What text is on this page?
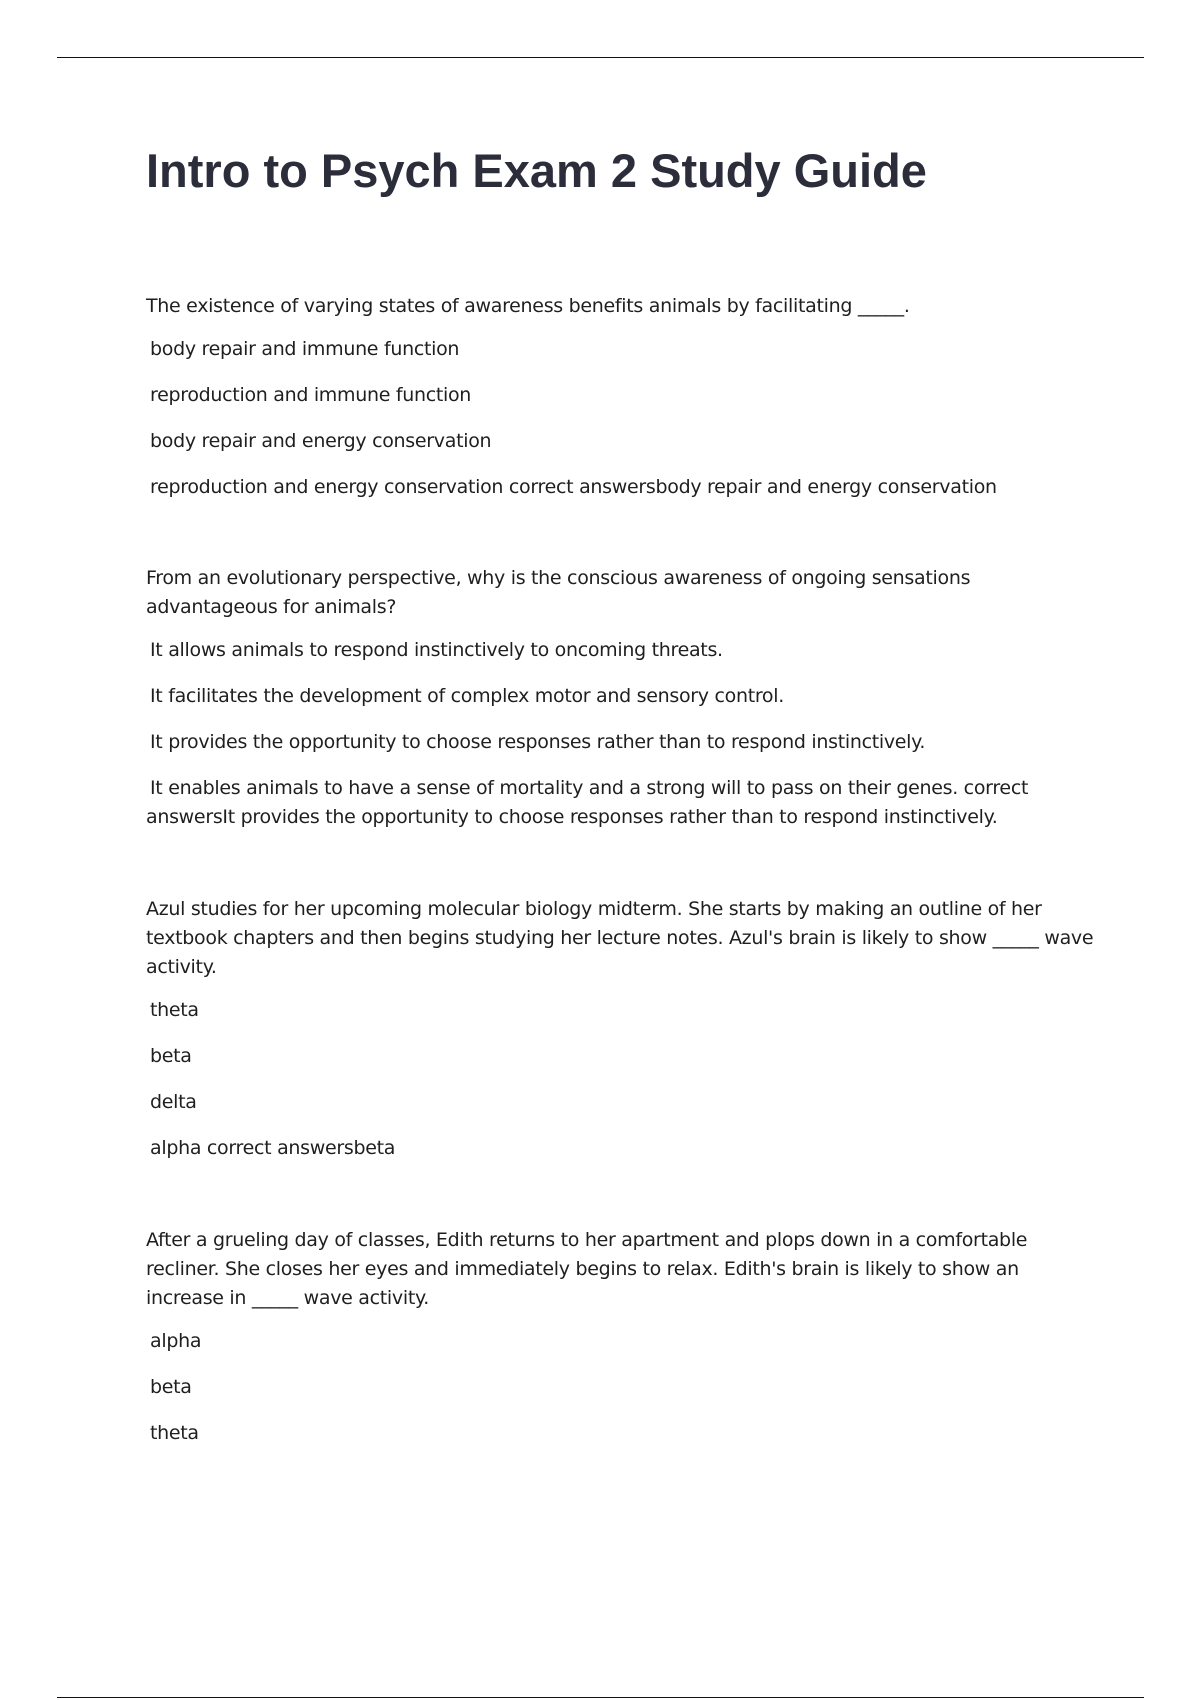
Intro to Psych Exam 2 Study Guide

The existence of varying states of awareness benefits animals by facilitating _____.

body repair and immune function
reproduction and immune function
body repair and energy conservation
reproduction and energy conservation correct answersbody repair and energy conservation

From an evolutionary perspective, why is the conscious awareness of ongoing sensations advantageous for animals?

It allows animals to respond instinctively to oncoming threats.
It facilitates the development of complex motor and sensory control.
It provides the opportunity to choose responses rather than to respond instinctively.
It enables animals to have a sense of mortality and a strong will to pass on their genes. correct answersIt provides the opportunity to choose responses rather than to respond instinctively.

Azul studies for her upcoming molecular biology midterm. She starts by making an outline of her textbook chapters and then begins studying her lecture notes. Azul's brain is likely to show _____ wave activity.

theta
beta
delta
alpha correct answersbeta

After a grueling day of classes, Edith returns to her apartment and plops down in a comfortable recliner. She closes her eyes and immediately begins to relax. Edith's brain is likely to show an increase in _____ wave activity.

alpha
beta
theta
